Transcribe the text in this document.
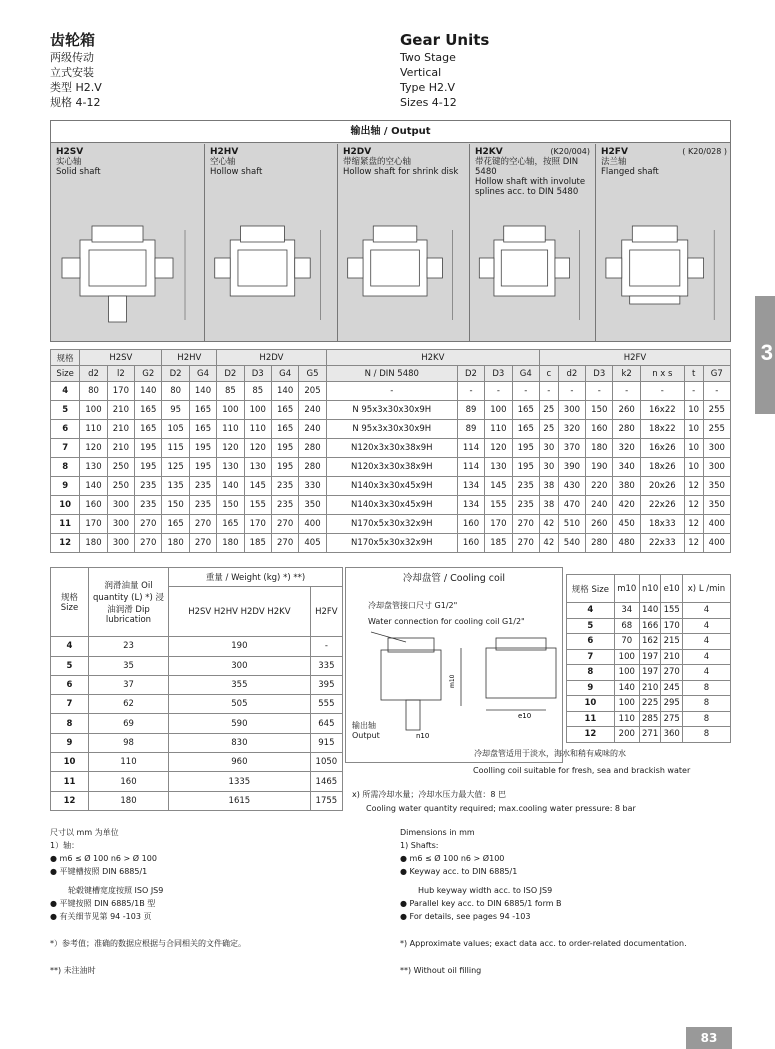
齿轮箱
两级传动
立式安装
类型 H2.V
规格 4-12
Gear Units
Two Stage
Vertical
Type H2.V
Sizes 4-12
3
输出轴 / Output
H2SV
实心轴
Solid shaft
H2HV
空心轴
Hollow shaft
H2DV
带缩紧盘的空心轴
Hollow shaft for shrink disk
H2KV	(K20/004)
带花键的空心轴，按照 DIN 5480
Hollow shaft with involute splines acc. to DIN 5480
H2FV	( K20/028 )
法兰轴
Flanged shaft
规格	H2SV			H2HV		H2DV				H2KV				H2FV						
Size	d2	l2	G2	D2	G4	D2	D3	G4	G5	N / DIN 5480	D2	D3	G4	c	d2	D3	k2	n x s	t	G7
4	80	170	140	80	140	85	85	140	205	-	-	-	-	-	-	-	-	-	-	-
5	100	210	165	95	165	100	100	165	240	N 95x3x30x30x9H	89	100	165	25	300	150	260	16x22	10	255
6	110	210	165	105	165	110	110	165	240	N 95x3x30x30x9H	89	110	165	25	320	160	280	18x22	10	255
7	120	210	195	115	195	120	120	195	280	N120x3x30x38x9H	114	120	195	30	370	180	320	16x26	10	300
8	130	250	195	125	195	130	130	195	280	N120x3x30x38x9H	114	130	195	30	390	190	340	18x26	10	300
9	140	250	235	135	235	140	145	235	330	N140x3x30x45x9H	134	145	235	38	430	220	380	20x26	12	350
10	160	300	235	150	235	150	155	235	350	N140x3x30x45x9H	134	155	235	38	470	240	420	22x26	12	350
11	170	300	270	165	270	165	170	270	400	N170x5x30x32x9H	160	170	270	42	510	260	450	18x33	12	400
12	180	300	270	180	270	180	185	270	405	N170x5x30x32x9H	160	185	270	42	540	280	480	22x33	12	400
规格 Size	润滑油量 Oil quantity (L) *) 浸油润滑 Dip lubrication	重量 / Weight (kg) *) **)	
		H2SV H2HV H2DV H2KV	H2FV
4	23	190	-
5	35	300	335
6	37	355	395
7	62	505	555
8	69	590	645
9	98	830	915
10	110	960	1050
11	160	1335	1465
12	180	1615	1755
冷却盘管 / Cooling coil
冷却盘管接口尺寸 G1/2"
Water connection for cooling coil G1/2"
m10
n10
e10
输出轴
Output
冷却盘管适用于淡水，海水和稍有咸味的水
Coolling coil suitable for fresh, sea and brackish water
x) 所需冷却水量；冷却水压力最大值：8 巴
Cooling water quantity required; max.cooling water pressure: 8 bar
规格 Size	m10	n10	e10	x) L /min
4	34	140	155	4
5	68	166	170	4
6	70	162	215	4
7	100	197	210	4
8	100	197	270	4
9	140	210	245	8
10	100	225	295	8
11	110	285	275	8
12	200	271	360	8
尺寸以 mm 为单位
1）轴：
● m6 ≤ Ø 100 n6 > Ø 100
● 平键槽按照 DIN 6885/1
轮毂键槽宽度按照 ISO JS9
● 平键按照 DIN 6885/1B 型
● 有关细节见第 94 -103 页
*）参考值；准确的数据应根据与合同相关的文件确定。
**) 未注油时
Dimensions in mm
1) Shafts:
● m6 ≤ Ø 100 n6 > Ø100
● Keyway acc. to DIN 6885/1
Hub keyway width acc. to ISO JS9
● Parallel key acc. to DIN 6885/1 form B
● For details, see pages 94 -103
*) Approximate values; exact data acc. to order-related documentation.
**) Without oil filling
83
